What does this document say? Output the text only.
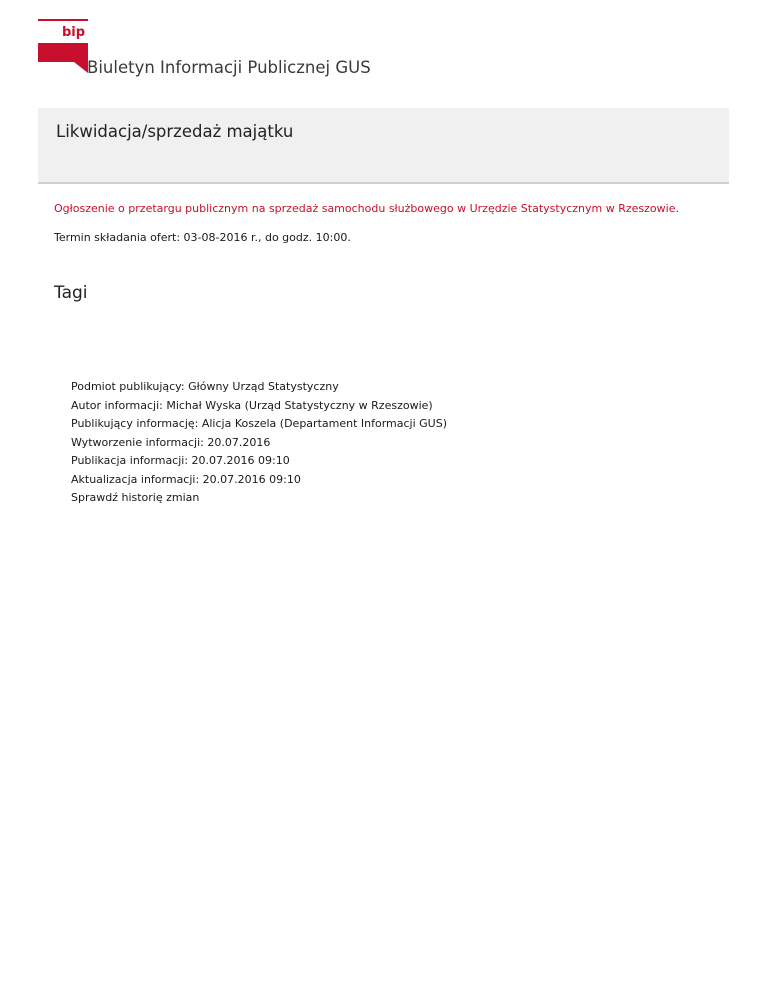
bip
Biuletyn Informacji Publicznej GUS
Likwidacja/sprzedaż majątku
Ogłoszenie o przetargu publicznym na sprzedaż samochodu służbowego w Urzędzie Statystycznym w Rzeszowie.
Termin składania ofert: 03-08-2016 r., do godz. 10:00.
Tagi
Podmiot publikujący: Główny Urząd Statystyczny
Autor informacji: Michał Wyska (Urząd Statystyczny w Rzeszowie)
Publikujący informację: Alicja Koszela (Departament Informacji GUS)
Wytworzenie informacji: 20.07.2016
Publikacja informacji: 20.07.2016 09:10
Aktualizacja informacji: 20.07.2016 09:10
Sprawdź historię zmian
